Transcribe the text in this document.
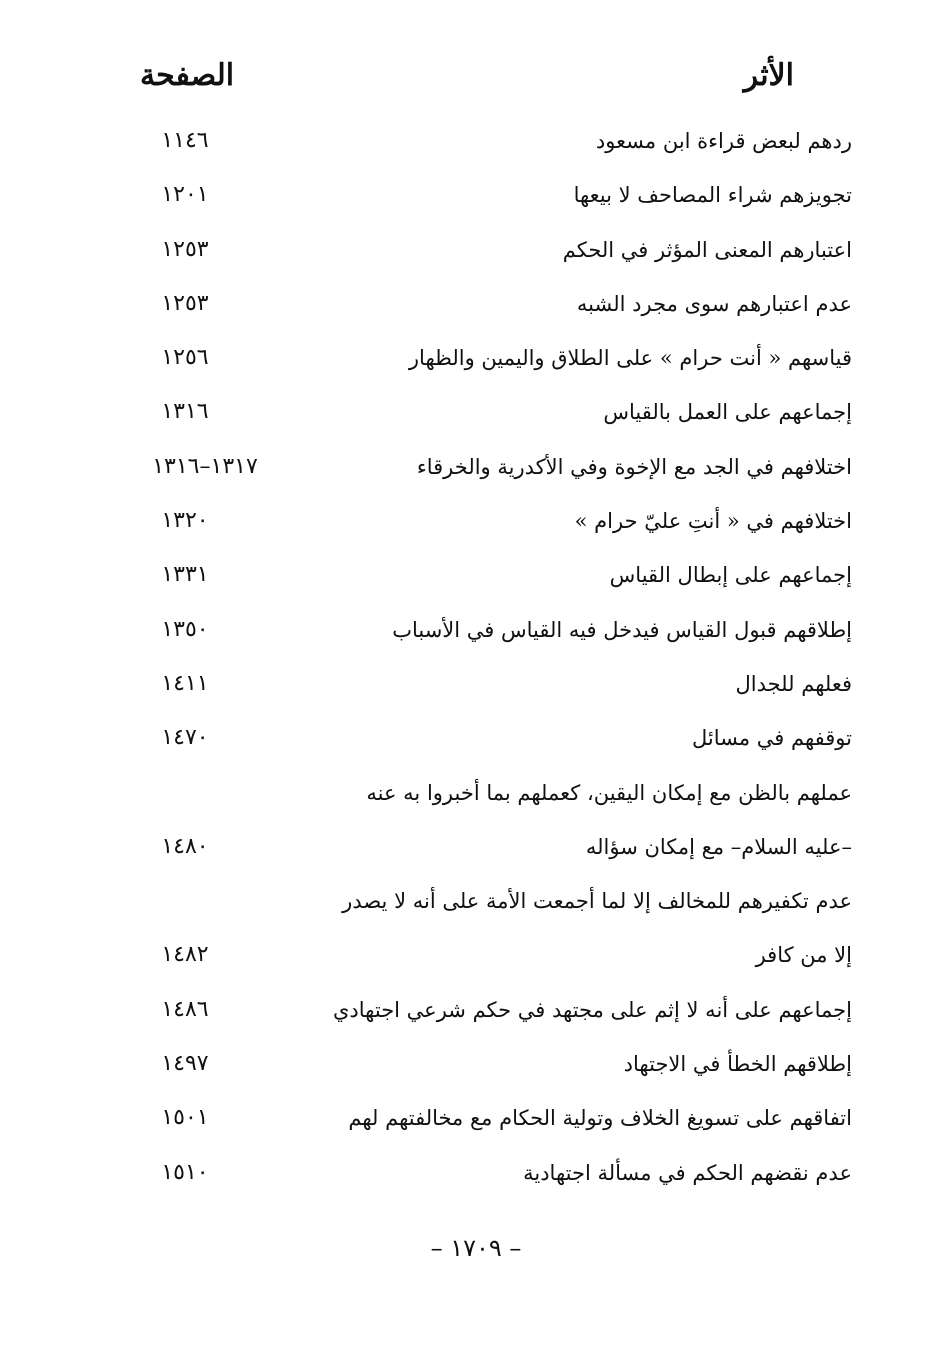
الأثر
الصفحة
ردهم لبعض قراءة ابن مسعود
١١٤٦
تجويزهم شراء المصاحف لا بيعها
١٢٠١
اعتبارهم المعنى المؤثر في الحكم
١٢٥٣
عدم اعتبارهم سوى مجرد الشبه
١٢٥٣
قياسهم « أنت حرام » على الطلاق واليمين والظهار
١٢٥٦
إجماعهم على العمل بالقياس
١٣١٦
اختلافهم في الجد مع الإخوة وفي الأكدرية والخرقاء
١٣١٧–١٣١٦
اختلافهم في « أنتِ عليّ حرام »
١٣٢٠
إجماعهم على إبطال القياس
١٣٣١
إطلاقهم قبول القياس فيدخل فيه القياس في الأسباب
١٣٥٠
فعلهم للجدال
١٤١١
توقفهم في مسائل
١٤٧٠
عملهم بالظن مع إمكان اليقين، كعملهم بما أخبروا به عنه
–عليه السلام– مع إمكان سؤاله
١٤٨٠
عدم تكفيرهم للمخالف إلا لما أجمعت الأمة على أنه لا يصدر
إلا من كافر
١٤٨٢
إجماعهم على أنه لا إثم على مجتهد في حكم شرعي اجتهادي
١٤٨٦
إطلاقهم الخطأ في الاجتهاد
١٤٩٧
اتفاقهم على تسويغ الخلاف وتولية الحكام مع مخالفتهم لهم
١٥٠١
عدم نقضهم الحكم في مسألة اجتهادية
١٥١٠
– ١٧٠٩ –
